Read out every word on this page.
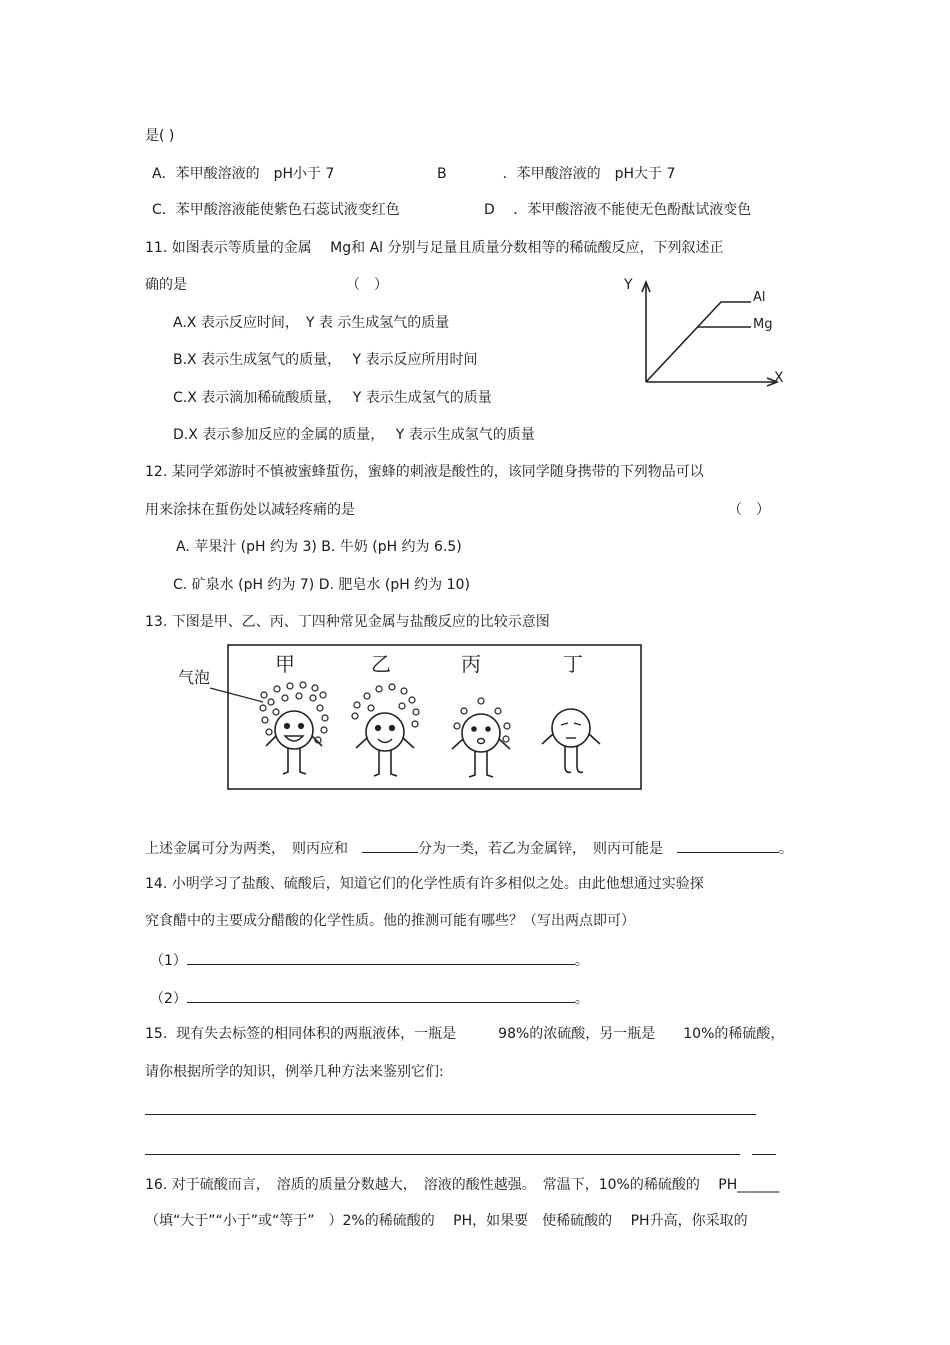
是( )
A．苯甲酸溶液的　pH小于 7	B　　　　．苯甲酸溶液的　pH大于 7
C．苯甲酸溶液能使紫色石蕊试液变红色	D　 ．苯甲酸溶液不能使无色酚酞试液变色
11. 如图表示等质量的金属　 Mg和 Al 分别与足量且质量分数相等的稀硫酸反应，下列叙述正
确的是	（　）
A.X 表示反应时间，　Y 表 示生成氢气的质量
B.X 表示生成氢气的质量，　 Y 表示反应所用时间
C.X 表示滴加稀硫酸质量，　 Y 表示生成氢气的质量
D.X 表示参加反应的金属的质量，　 Y 表示生成氢气的质量
Y
X
Al
Mg
12. 某同学郊游时不慎被蜜蜂蜇伤，蜜蜂的刺液是酸性的，该同学随身携带的下列物品可以
用来涂抹在蜇伤处以减轻疼痛的是	（　）
A. 苹果汁 (pH 约为 3) B. 牛奶 (pH 约为 6.5)
C. 矿泉水 (pH 约为 7) D. 肥皂水 (pH 约为 10)
13. 下图是甲、乙、丙、丁四种常见金属与盐酸反应的比较示意图
气泡
甲	乙	丙	丁
上述金属可分为两类，　则丙应和　	分为一类，若乙为金属锌，　则丙可能是　	。
14. 小明学习了盐酸、硫酸后，知道它们的化学性质有许多相似之处。由此他想通过实验探
究食醋中的主要成分醋酸的化学性质。他的推测可能有哪些？（写出两点即可）
（1）	。
（2）	。
15.  现有失去标签的相同体积的两瓶液体，一瓶是　　　98%的浓硫酸，另一瓶是　　10%的稀硫酸，
请你根据所学的知识，例举几种方法来鉴别它们:
16. 对于硫酸而言，　溶质的质量分数越大，　溶液的酸性越强。　常温下，10%的稀硫酸的　 PH______
（填“大于”“小于”或“等于”　）2%的稀硫酸的　 PH，如果要　使稀硫酸的　 PH升高，你采取的
